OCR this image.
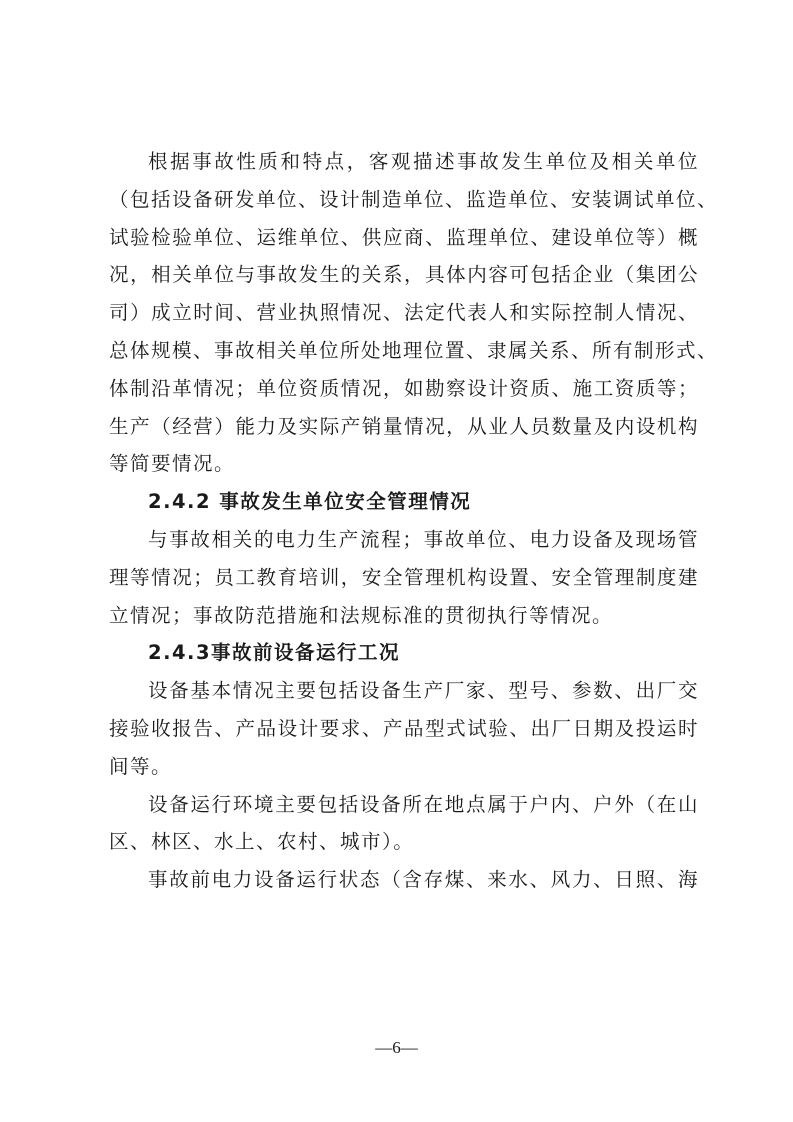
根据事故性质和特点，客观描述事故发生单位及相关单位
（包括设备研发单位、设计制造单位、监造单位、安装调试单位、
试验检验单位、运维单位、供应商、监理单位、建设单位等）概
况，相关单位与事故发生的关系，具体内容可包括企业（集团公
司）成立时间、营业执照情况、法定代表人和实际控制人情况、
总体规模、事故相关单位所处地理位置、隶属关系、所有制形式、
体制沿革情况；单位资质情况，如勘察设计资质、施工资质等；
生产（经营）能力及实际产销量情况，从业人员数量及内设机构
等简要情况。
2.4.2 事故发生单位安全管理情况
与事故相关的电力生产流程；事故单位、电力设备及现场管
理等情况；员工教育培训，安全管理机构设置、安全管理制度建
立情况；事故防范措施和法规标准的贯彻执行等情况。
2.4.3事故前设备运行工况
设备基本情况主要包括设备生产厂家、型号、参数、出厂交
接验收报告、产品设计要求、产品型式试验、出厂日期及投运时
间等。
设备运行环境主要包括设备所在地点属于户内、户外（在山
区、林区、水上、农村、城市）。
事故前电力设备运行状态（含存煤、来水、风力、日照、海
—6—
